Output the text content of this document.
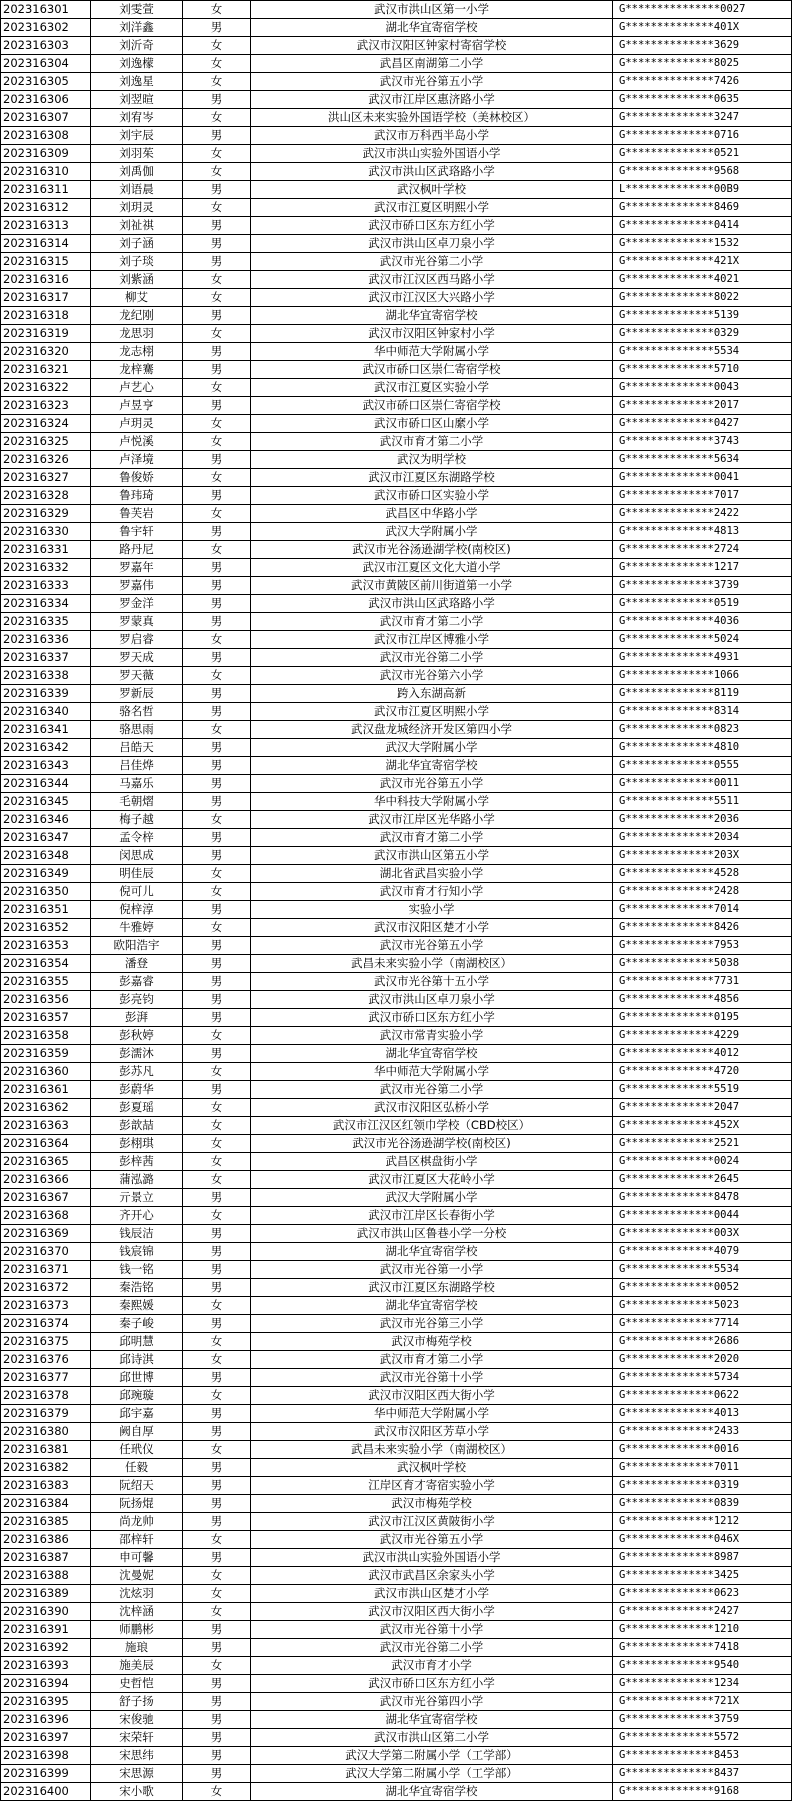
202316301	刘雯萱	女	武汉市洪山区第一小学	G***************0027
202316302	刘洋鑫	男	湖北华宜寄宿学校	G**************401X
202316303	刘沂奇	女	武汉市汉阳区钟家村寄宿学校	G**************3629
202316304	刘逸檬	女	武昌区南湖第二小学	G**************8025
202316305	刘逸星	女	武汉市光谷第五小学	G**************7426
202316306	刘翌暄	男	武汉市江岸区惠济路小学	G**************0635
202316307	刘宥岑	女	洪山区未来实验外国语学校（美林校区）	G**************3247
202316308	刘宇辰	男	武汉市万科西半岛小学	G**************0716
202316309	刘羽茱	女	武汉市洪山实验外国语小学	G**************0521
202316310	刘禹伽	女	武汉市洪山区武珞路小学	G**************9568
202316311	刘语晨	男	武汉枫叶学校	L**************00B9
202316312	刘玥灵	女	武汉市江夏区明熙小学	G**************8469
202316313	刘祉祺	男	武汉市硚口区东方红小学	G**************0414
202316314	刘子涵	男	武汉市洪山区卓刀泉小学	G**************1532
202316315	刘子琰	男	武汉市光谷第二小学	G**************421X
202316316	刘紫涵	女	武汉市江汉区西马路小学	G**************4021
202316317	柳艾	女	武汉市江汉区大兴路小学	G**************8022
202316318	龙纪刚	男	湖北华宜寄宿学校	G**************5139
202316319	龙思羽	女	武汉市汉阳区钟家村小学	G**************0329
202316320	龙志栩	男	华中师范大学附属小学	G**************5534
202316321	龙梓騫	男	武汉市硚口区崇仁寄宿学校	G**************5710
202316322	卢艺心	女	武汉市江夏区实验小学	G**************0043
202316323	卢昱亨	男	武汉市硚口区崇仁寄宿学校	G**************2017
202316324	卢玥灵	女	武汉市硚口区山縻小学	G**************0427
202316325	卢悦溪	女	武汉市育才第二小学	G**************3743
202316326	卢泽境	男	武汉为明学校	G**************5634
202316327	鲁俊娇	女	武汉市江夏区东湖路学校	G**************0041
202316328	鲁玮琦	男	武汉市硚口区实验小学	G**************7017
202316329	鲁芙岩	女	武昌区中华路小学	G**************2422
202316330	鲁宇轩	男	武汉大学附属小学	G**************4813
202316331	路丹尼	女	武汉市光谷汤逊湖学校(南校区)	G**************2724
202316332	罗嘉年	男	武汉市江夏区文化大道小学	G**************1217
202316333	罗嘉伟	男	武汉市黄陂区前川街道第一小学	G**************3739
202316334	罗金洋	男	武汉市洪山区武珞路小学	G**************0519
202316335	罗蒙真	男	武汉市育才第二小学	G**************4036
202316336	罗启睿	女	武汉市江岸区博雅小学	G**************5024
202316337	罗天成	男	武汉市光谷第二小学	G**************4931
202316338	罗天薇	女	武汉市光谷第六小学	G**************1066
202316339	罗新辰	男	跨入东湖高新	G**************8119
202316340	骆名哲	男	武汉市江夏区明熙小学	G**************8314
202316341	骆思雨	女	武汉盘龙城经济开发区第四小学	G**************0823
202316342	吕皓天	男	武汉大学附属小学	G**************4810
202316343	吕佳烨	男	湖北华宜寄宿学校	G**************0555
202316344	马嘉乐	男	武汉市光谷第五小学	G**************0011
202316345	毛朝熠	男	华中科技大学附属小学	G**************5511
202316346	梅子越	女	武汉市江岸区光华路小学	G**************2036
202316347	孟令梓	男	武汉市育才第二小学	G**************2034
202316348	闵思成	男	武汉市洪山区第五小学	G**************203X
202316349	明佳辰	女	湖北省武昌实验小学	G**************4528
202316350	倪可儿	女	武汉市育才行知小学	G**************2428
202316351	倪梓淳	男	实验小学	G**************7014
202316352	牛雅婷	女	武汉市汉阳区楚才小学	G**************8426
202316353	欧阳浩宇	男	武汉市光谷第五小学	G**************7953
202316354	潘登	男	武昌未来实验小学（南湖校区）	G**************5038
202316355	彭嘉睿	男	武汉市光谷第十五小学	G**************7731
202316356	彭亮钧	男	武汉市洪山区卓刀泉小学	G**************4856
202316357	彭湃	男	武汉市硚口区东方红小学	G**************0195
202316358	彭秋婷	女	武汉市常青实验小学	G**************4229
202316359	彭濡沐	男	湖北华宜寄宿学校	G**************4012
202316360	彭苏凡	女	华中师范大学附属小学	G**************4720
202316361	彭蔚华	男	武汉市光谷第二小学	G**************5519
202316362	彭夏瑶	女	武汉市汉阳区弘桥小学	G**************2047
202316363	彭歆喆	女	武汉市江汉区红领巾学校（CBD校区）	G**************452X
202316364	彭栩琪	女	武汉市光谷汤逊湖学校(南校区)	G**************2521
202316365	彭梓茜	女	武昌区棋盘街小学	G**************0024
202316366	蒲泓潞	女	武汉市江夏区大花岭小学	G**************2645
202316367	亓景立	男	武汉大学附属小学	G**************8478
202316368	齐开心	女	武汉市江岸区长春街小学	G**************0044
202316369	钱辰洁	男	武汉市洪山区鲁巷小学一分校	G**************003X
202316370	钱宸锦	男	湖北华宜寄宿学校	G**************4079
202316371	钱一铭	男	武汉市光谷第一小学	G**************5534
202316372	秦浩铭	男	武汉市江夏区东湖路学校	G**************0052
202316373	秦熙媛	女	湖北华宜寄宿学校	G**************5023
202316374	秦子峻	男	武汉市光谷第三小学	G**************7714
202316375	邱明慧	女	武汉市梅苑学校	G**************2686
202316376	邱诗淇	女	武汉市育才第二小学	G**************2020
202316377	邱世博	男	武汉市光谷第十小学	G**************5734
202316378	邱琬璇	女	武汉市汉阳区西大街小学	G**************0622
202316379	邱宇嘉	男	华中师范大学附属小学	G**************4013
202316380	阙自厚	男	武汉市汉阳区芳草小学	G**************2433
202316381	任玳仪	女	武昌未来实验小学（南湖校区）	G**************0016
202316382	任毅	男	武汉枫叶学校	G**************7011
202316383	阮绍天	男	江岸区育才寄宿实验小学	G**************0319
202316384	阮扬焜	男	武汉市梅苑学校	G**************0839
202316385	尚龙帅	男	武汉市江汉区黄陂街小学	G**************1212
202316386	邵梓轩	女	武汉市光谷第五小学	G**************046X
202316387	申可馨	男	武汉市洪山实验外国语小学	G**************8987
202316388	沈曼妮	女	武汉市武昌区余家头小学	G**************3425
202316389	沈炫羽	女	武汉市洪山区楚才小学	G**************0623
202316390	沈梓涵	女	武汉市汉阳区西大街小学	G**************2427
202316391	师鹏彬	男	武汉市光谷第十小学	G**************1210
202316392	施琅	男	武汉市光谷第二小学	G**************7418
202316393	施美辰	女	武汉市育才小学	G**************9540
202316394	史哲恺	男	武汉市硚口区东方红小学	G**************1234
202316395	舒子扬	男	武汉市光谷第四小学	G**************721X
202316396	宋俊驰	男	湖北华宜寄宿学校	G**************3759
202316397	宋荣轩	男	武汉市洪山区第二小学	G**************5572
202316398	宋思纬	男	武汉大学第二附属小学（工学部）	G**************8453
202316399	宋思源	男	武汉大学第二附属小学（工学部）	G**************8437
202316400	宋小歌	女	湖北华宜寄宿学校	G**************9168
